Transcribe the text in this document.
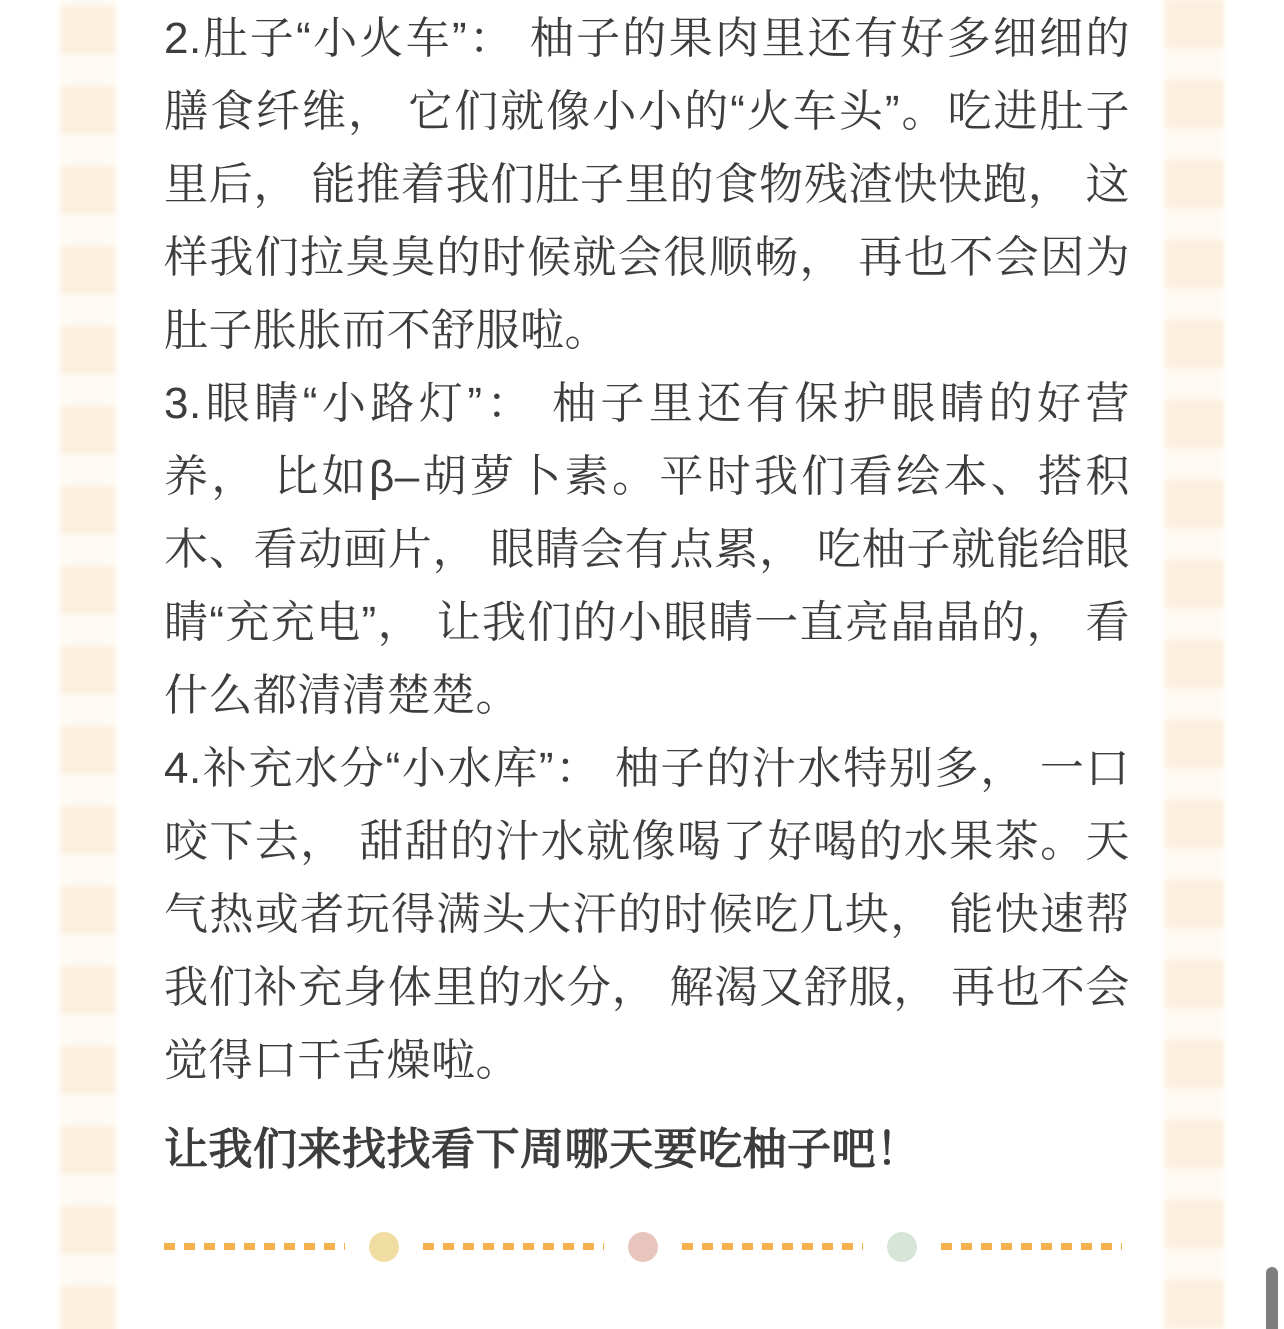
2.肚子“小火车”： 柚子的果肉里还有好多细细的膳食纤维， 它们就像小小的“火车头”。吃进肚子里后， 能推着我们肚子里的食物残渣快快跑， 这样我们拉臭臭的时候就会很顺畅， 再也不会因为肚子胀胀而不舒服啦。

3.眼睛“小路灯”： 柚子里还有保护眼睛的好营养， 比如β–胡萝卜素。平时我们看绘本、搭积木、看动画片， 眼睛会有点累， 吃柚子就能给眼睛“充充电”， 让我们的小眼睛一直亮晶晶的， 看什么都清清楚楚。

4.补充水分“小水库”： 柚子的汁水特别多， 一口咬下去， 甜甜的汁水就像喝了好喝的水果茶。天气热或者玩得满头大汗的时候吃几块， 能快速帮我们补充身体里的水分， 解渴又舒服， 再也不会觉得口干舌燥啦。

让我们来找找看下周哪天要吃柚子吧！
